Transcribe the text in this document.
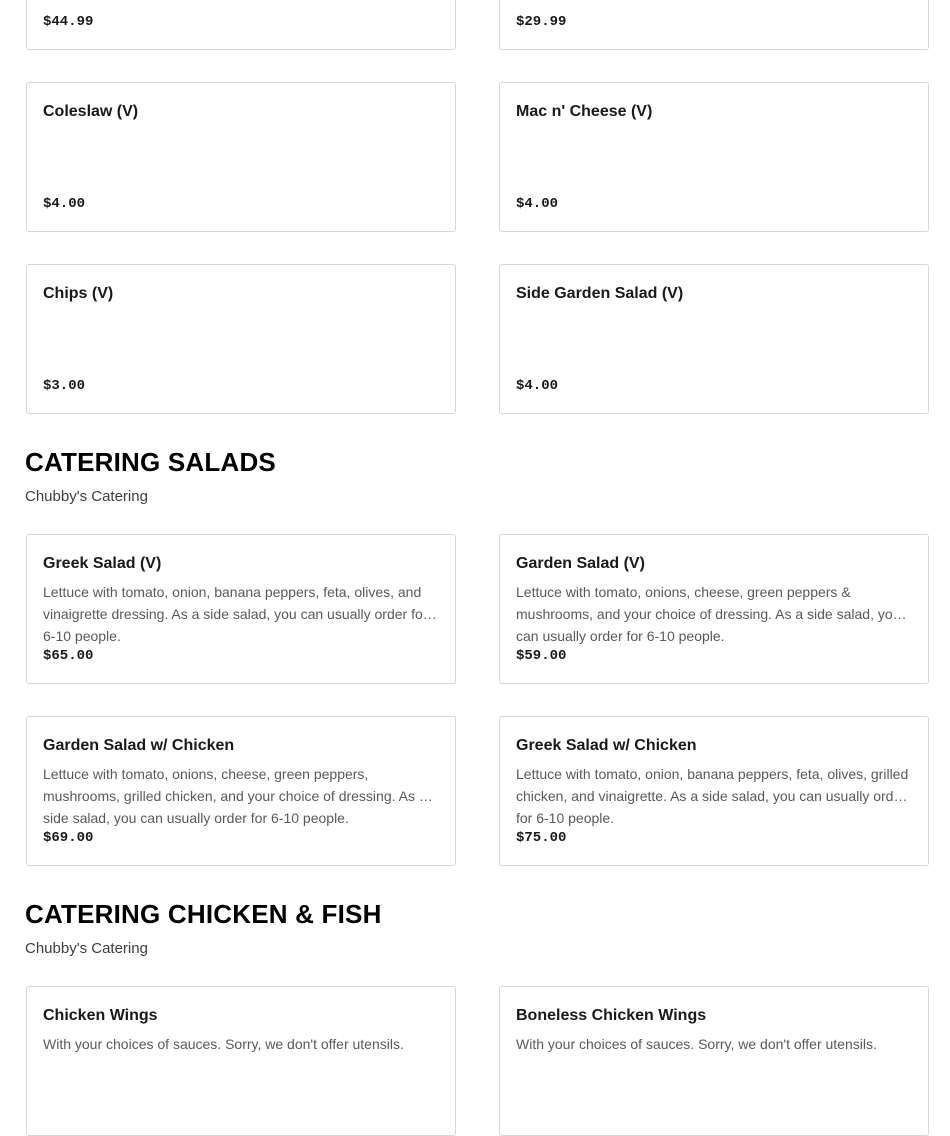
$44.99	$29.99
Coleslaw (V)
$4.00
Mac n' Cheese (V)
$4.00
Chips (V)
$3.00
Side Garden Salad (V)
$4.00
CATERING SALADS
Chubby's Catering
Greek Salad (V)
Lettuce with tomato, onion, banana peppers, feta, olives, and vinaigrette dressing. As a side salad, you can usually order for 6-10 people.
$65.00
Garden Salad (V)
Lettuce with tomato, onions, cheese, green peppers & mushrooms, and your choice of dressing. As a side salad, you can usually order for 6-10 people.
$59.00
Garden Salad w/ Chicken
Lettuce with tomato, onions, cheese, green peppers, mushrooms, grilled chicken, and your choice of dressing. As a side salad, you can usually order for 6-10 people.
$69.00
Greek Salad w/ Chicken
Lettuce with tomato, onion, banana peppers, feta, olives, grilled chicken, and vinaigrette. As a side salad, you can usually order for 6-10 people.
$75.00
CATERING CHICKEN & FISH
Chubby's Catering
Chicken Wings
With your choices of sauces. Sorry, we don't offer utensils.
Boneless Chicken Wings
With your choices of sauces. Sorry, we don't offer utensils.
